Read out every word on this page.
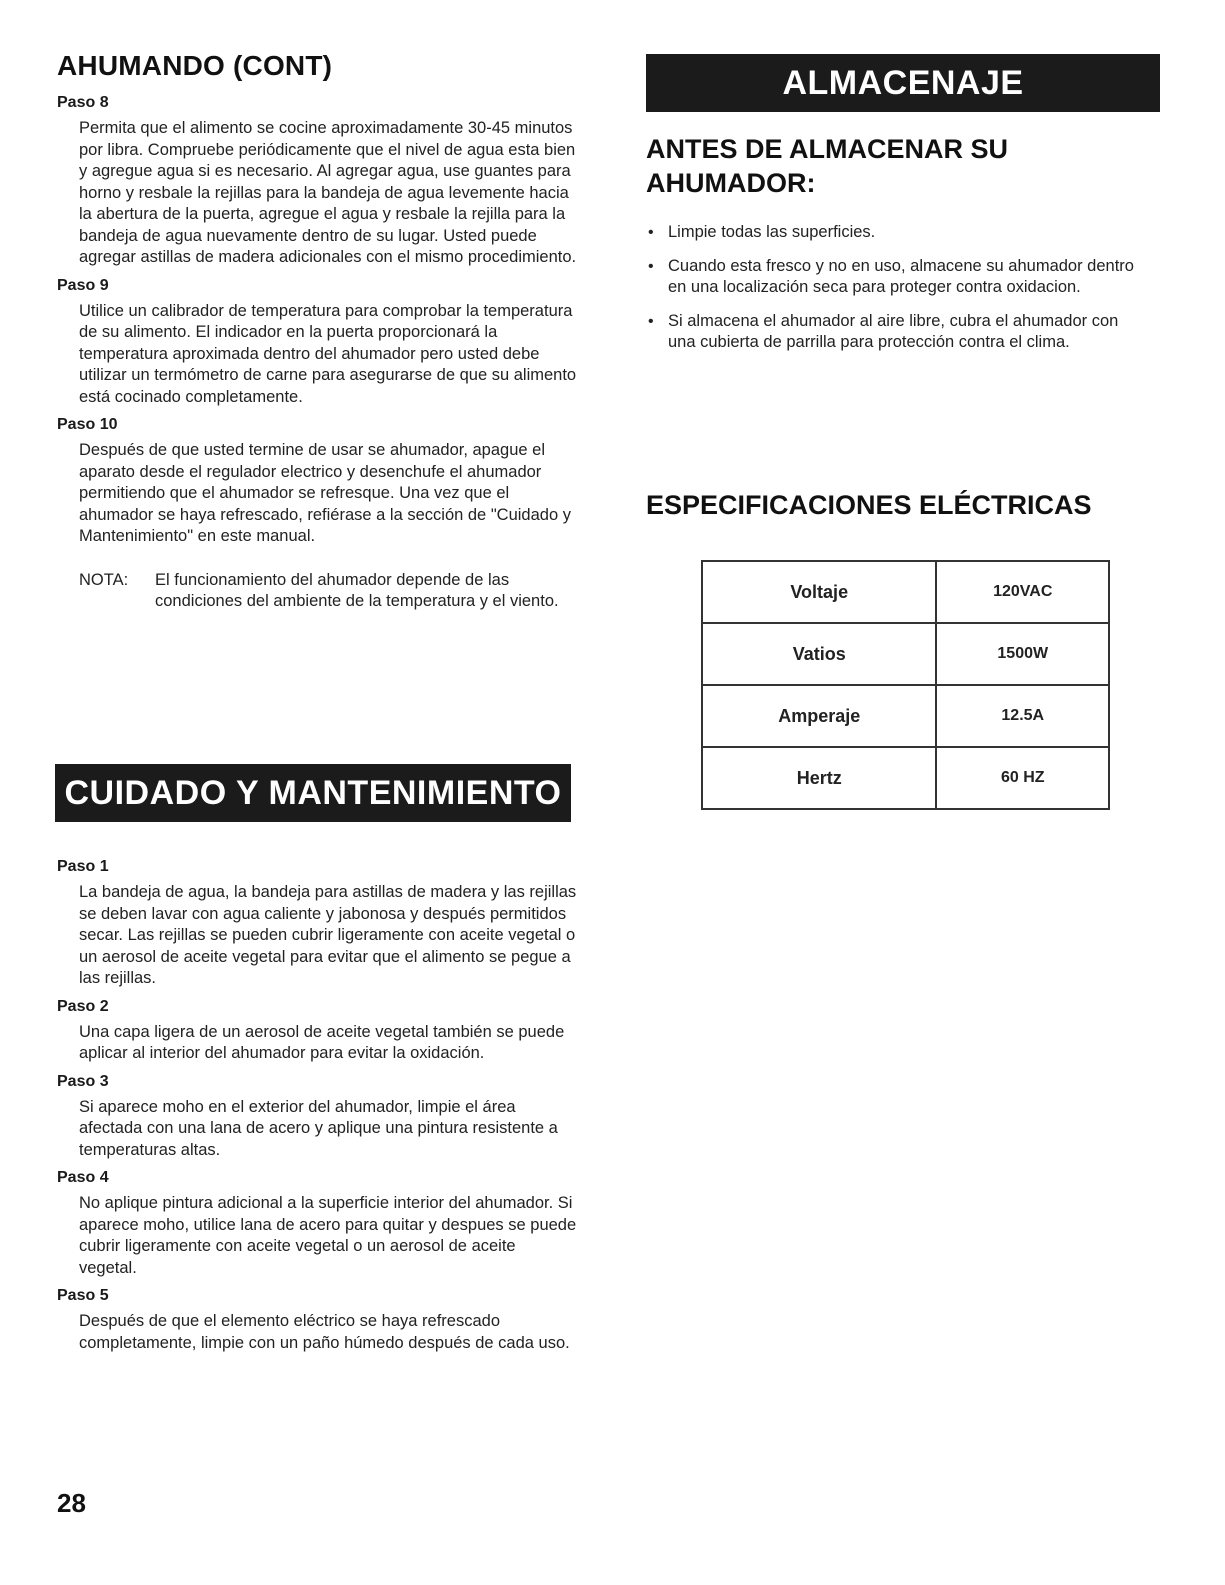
AHUMANDO (CONT)

Paso 8

Permita que el alimento se cocine aproximadamente 30-45 minutos por libra. Compruebe periódicamente que el nivel de agua esta bien y agregue agua si es necesario. Al agregar agua, use guantes para horno y resbale la rejillas para la bandeja de agua levemente hacia la abertura de la puerta, agregue el agua y resbale la rejilla para la bandeja de agua nuevamente dentro de su lugar. Usted puede agregar astillas de madera adicionales con el mismo procedimiento.

Paso 9

Utilice un calibrador de temperatura para comprobar la temperatura de su alimento. El indicador en la puerta proporcionará la temperatura aproximada dentro del ahumador pero usted debe utilizar un termómetro de carne para asegurarse de que su alimento está cocinado completamente.

Paso 10

Después de que usted termine de usar se ahumador, apague el aparato desde el regulador electrico y desenchufe el ahumador permitiendo que el ahumador se refresque. Una vez que el ahumador se haya refrescado, refiérase a la sección de "Cuidado y Mantenimiento" en este manual.

NOTA:	El funcionamiento del ahumador depende de las condiciones del ambiente de la temperatura y el viento.
CUIDADO Y MANTENIMIENTO

Paso 1

La bandeja de agua, la bandeja para astillas de madera y las rejillas se deben lavar con agua caliente y jabonosa y después permitidos secar. Las rejillas se pueden cubrir ligeramente con aceite vegetal o un aerosol de aceite vegetal para evitar que el alimento se pegue a las rejillas.

Paso 2

Una capa ligera de un aerosol de aceite vegetal también se puede aplicar al interior del ahumador para evitar la oxidación.

Paso 3

Si aparece moho en el exterior del ahumador, limpie el área afectada con una lana de acero y aplique una pintura resistente a temperaturas altas.

Paso 4

No aplique pintura adicional a la superficie interior del ahumador. Si aparece moho, utilice lana de acero para quitar y despues se puede cubrir ligeramente con aceite vegetal o un aerosol de aceite vegetal.

Paso 5

Después de que el elemento eléctrico se haya refrescado completamente, limpie con un paño húmedo después de cada uso.

ALMACENAJE
ANTES DE ALMACENAR SU AHUMADOR:
• Limpie todas las superficies.
• Cuando esta fresco y no en uso, almacene su ahumador dentro en una localización seca para proteger contra oxidacion.
• Si almacena el ahumador al aire libre, cubra el ahumador con una cubierta de parrilla para protección contra el clima.
ESPECIFICACIONES ELÉCTRICAS
Voltaje	120VAC
Vatios	1500W
Amperaje	12.5A
Hertz	60 HZ
28
